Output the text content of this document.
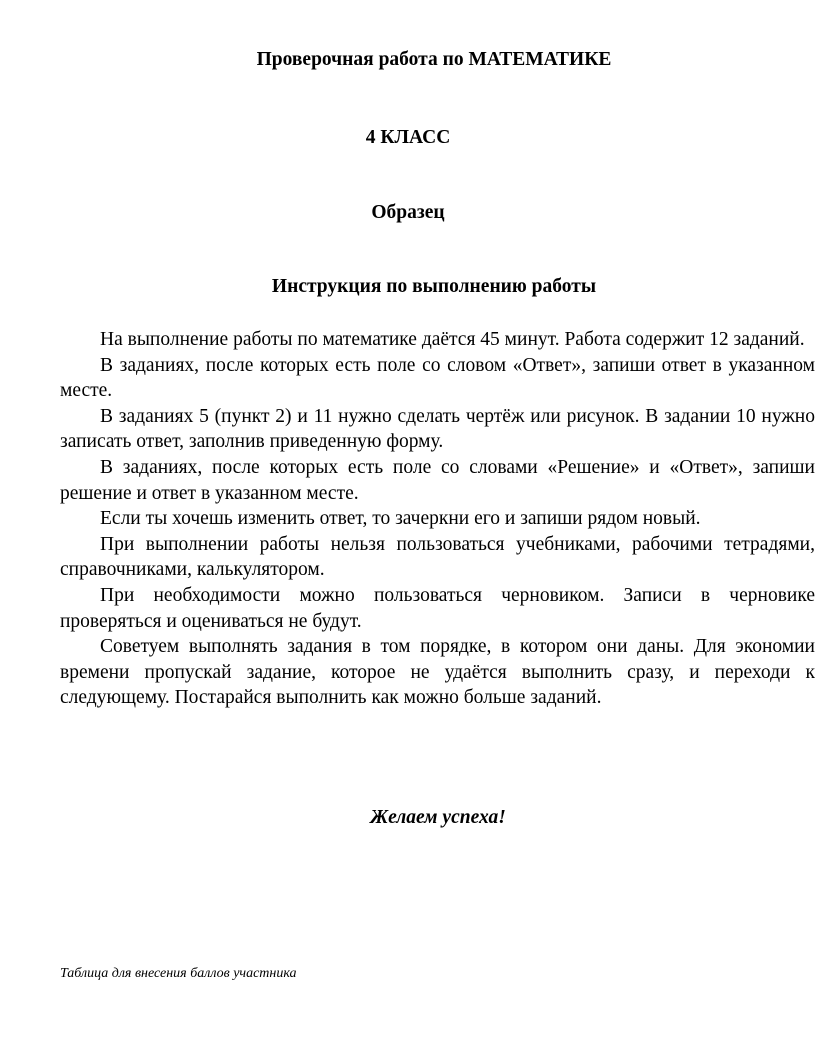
Проверочная работа по МАТЕМАТИКЕ
4 КЛАСС
Образец
Инструкция по выполнению работы

На выполнение работы по математике даётся 45 минут. Работа содержит 12 заданий.

В заданиях, после которых есть поле со словом «Ответ», запиши ответ в указанном месте.

В заданиях 5 (пункт 2) и 11 нужно сделать чертёж или рисунок. В задании 10 нужно записать ответ, заполнив приведенную форму.

В заданиях, после которых есть поле со словами «Решение» и «Ответ», запиши решение и ответ в указанном месте.

Если ты хочешь изменить ответ, то зачеркни его и запиши рядом новый.

При выполнении работы нельзя пользоваться учебниками, рабочими тетрадями, справочниками, калькулятором.

При необходимости можно пользоваться черновиком. Записи в черновике проверяться и оцениваться не будут.

Советуем выполнять задания в том порядке, в котором они даны. Для экономии времени пропускай задание, которое не удаётся выполнить сразу, и переходи к следующему. Постарайся выполнить как можно больше заданий.

Желаем успеха!

Таблица для внесения баллов участника
